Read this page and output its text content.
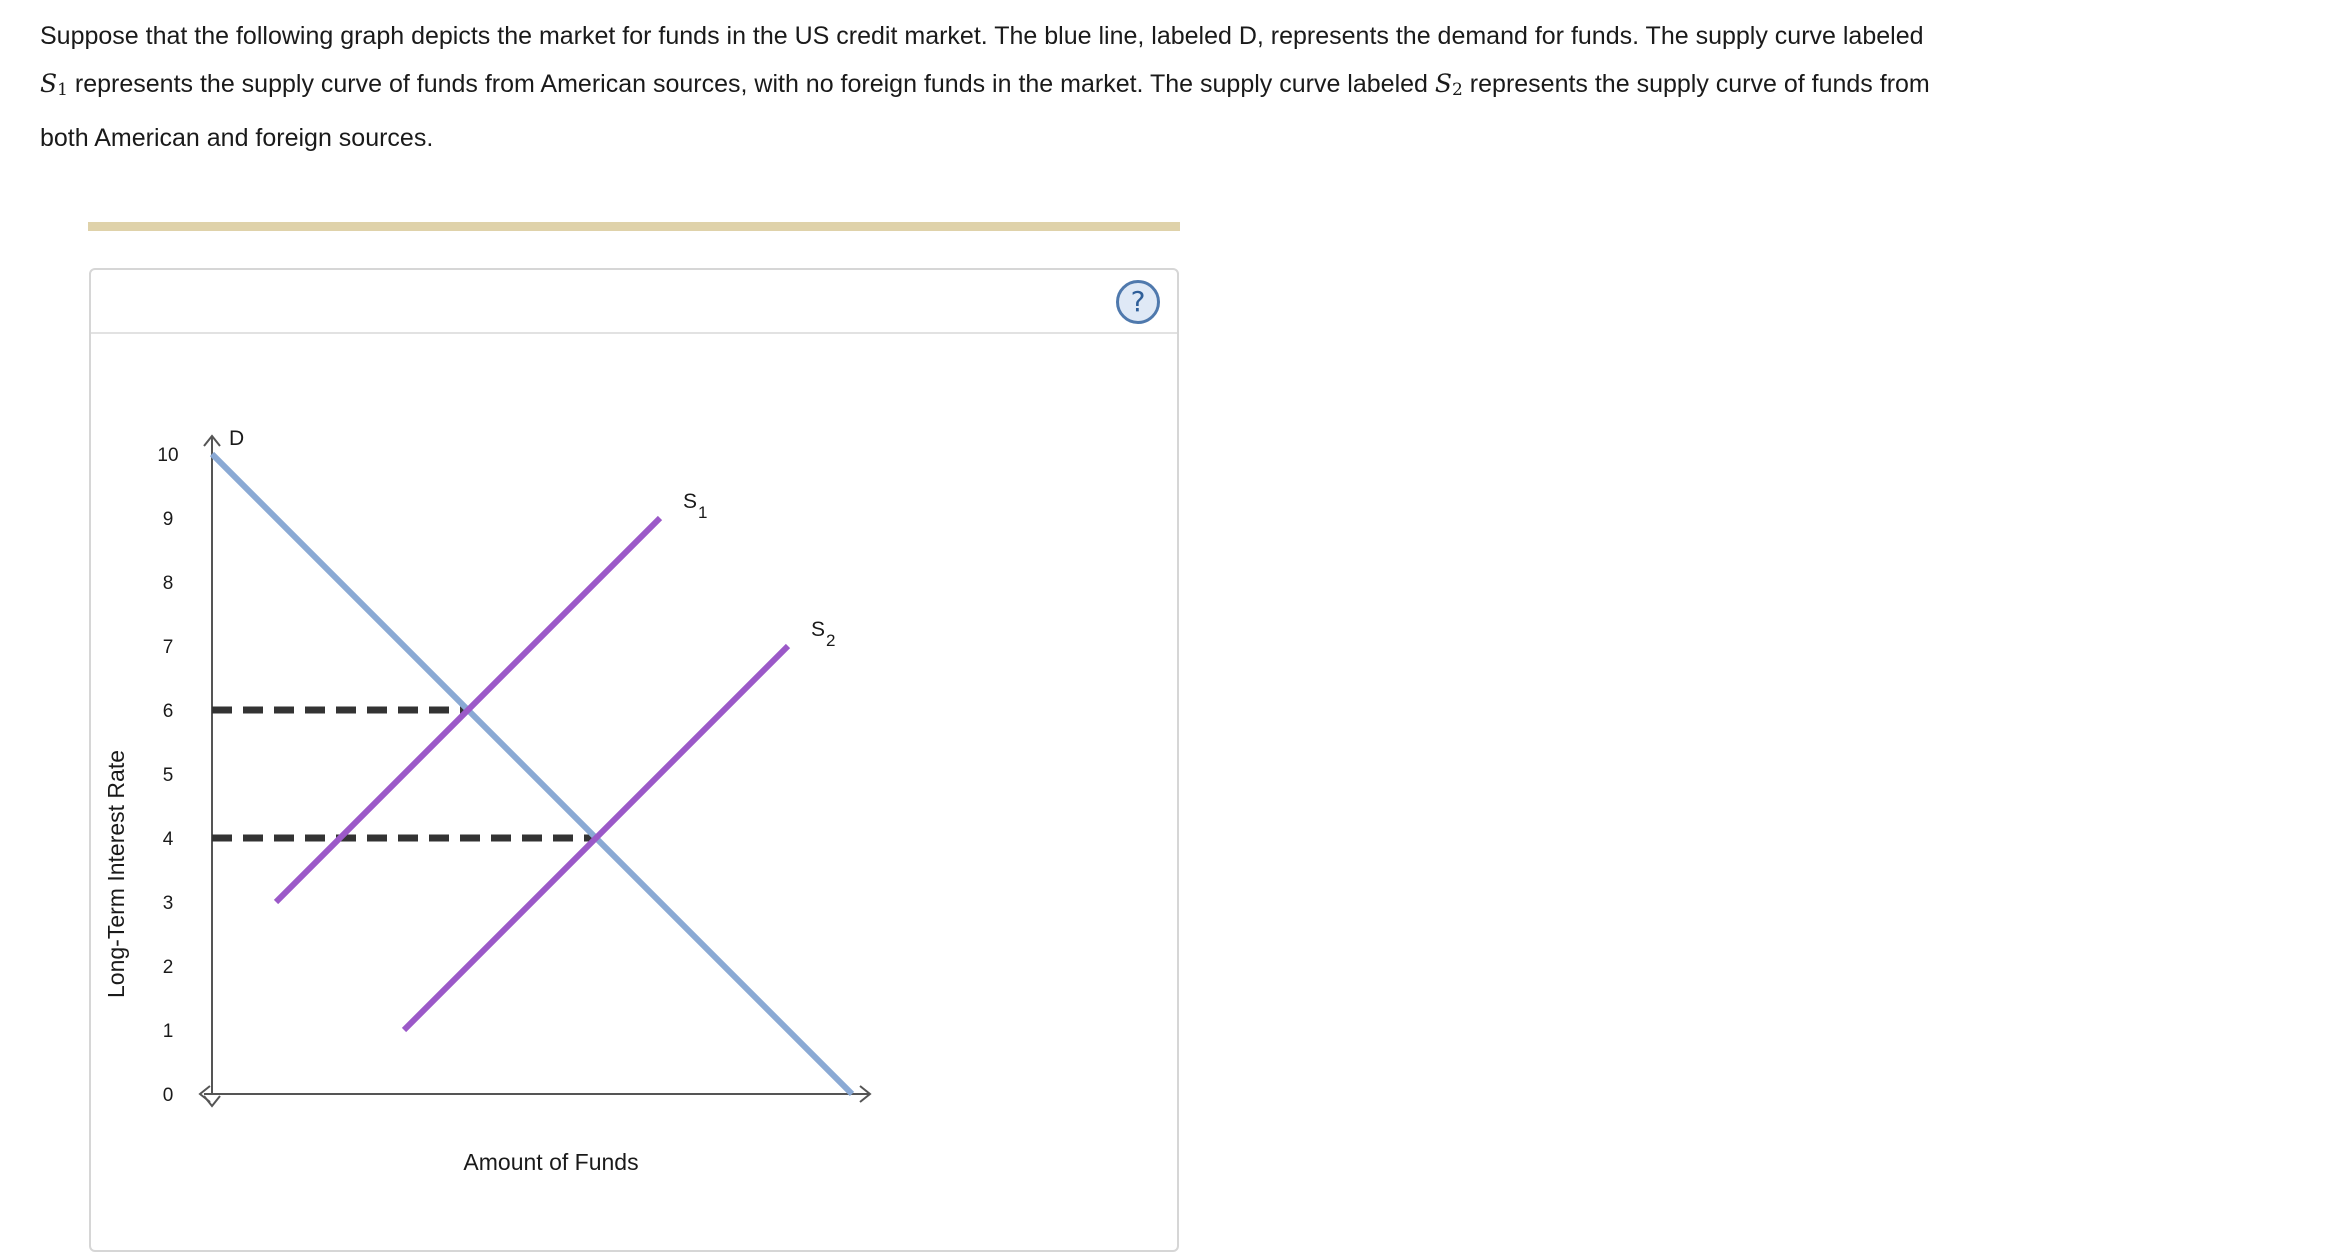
Suppose that the following graph depicts the market for funds in the US credit market. The blue line, labeled D, represents the demand for funds. The supply curve labeled S1 represents the supply curve of funds from American sources, with no foreign funds in the market. The supply curve labeled S2 represents the supply curve of funds from both American and foreign sources.

?
0
1
2
3
4
5
6
7
8
9
10
Amount of Funds
Long-Term Interest Rate
D
$S_1$
$S_2$
